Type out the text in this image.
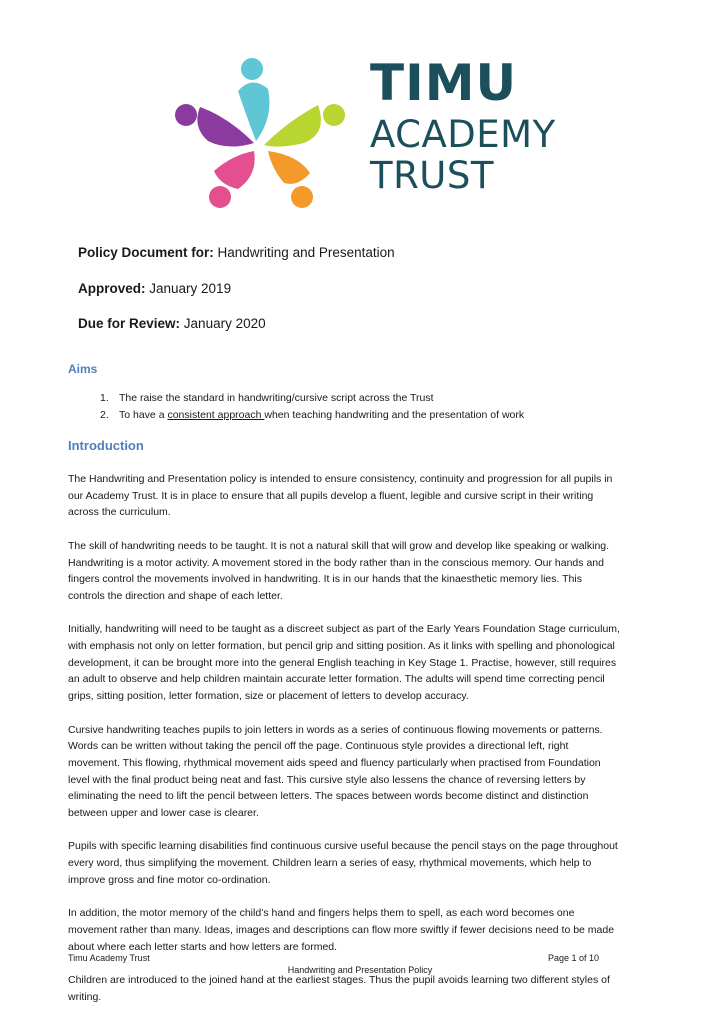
TIMU
ACADEMY
TRUST
Policy Document for: Handwriting and Presentation
Approved: January 2019
Due for Review: January 2020
Aims
1. The raise the standard in handwriting/cursive script across the Trust
2. To have a consistent approach when teaching handwriting and the presentation of work
Introduction

The Handwriting and Presentation policy is intended to ensure consistency, continuity and progression for all pupils in
our Academy Trust. It is in place to ensure that all pupils develop a fluent, legible and cursive script in their writing
across the curriculum.

The skill of handwriting needs to be taught. It is not a natural skill that will grow and develop like speaking or walking.
Handwriting is a motor activity. A movement stored in the body rather than in the conscious memory. Our hands and
fingers control the movements involved in handwriting. It is in our hands that the kinaesthetic memory lies. This
controls the direction and shape of each letter.

Initially, handwriting will need to be taught as a discreet subject as part of the Early Years Foundation Stage curriculum,
with emphasis not only on letter formation, but pencil grip and sitting position. As it links with spelling and phonological
development, it can be brought more into the general English teaching in Key Stage 1. Practise, however, still requires
an adult to observe and help children maintain accurate letter formation. The adults will spend time correcting pencil
grips, sitting position, letter formation, size or placement of letters to develop accuracy.

Cursive handwriting teaches pupils to join letters in words as a series of continuous flowing movements or patterns.
Words can be written without taking the pencil off the page. Continuous style provides a directional left, right
movement. This flowing, rhythmical movement aids speed and fluency particularly when practised from Foundation
level with the final product being neat and fast. This cursive style also lessens the chance of reversing letters by
eliminating the need to lift the pencil between letters. The spaces between words become distinct and distinction
between upper and lower case is clearer.

Pupils with specific learning disabilities find continuous cursive useful because the pencil stays on the page throughout
every word, thus simplifying the movement. Children learn a series of easy, rhythmical movements, which help to
improve gross and fine motor co-ordination.

In addition, the motor memory of the child’s hand and fingers helps them to spell, as each word becomes one
movement rather than many. Ideas, images and descriptions can flow more swiftly if fewer decisions need to be made
about where each letter starts and how letters are formed.

Children are introduced to the joined hand at the earliest stages. Thus the pupil avoids learning two different styles of
writing.

Timu Academy Trust	Page 1 of 10
Handwriting and Presentation Policy
